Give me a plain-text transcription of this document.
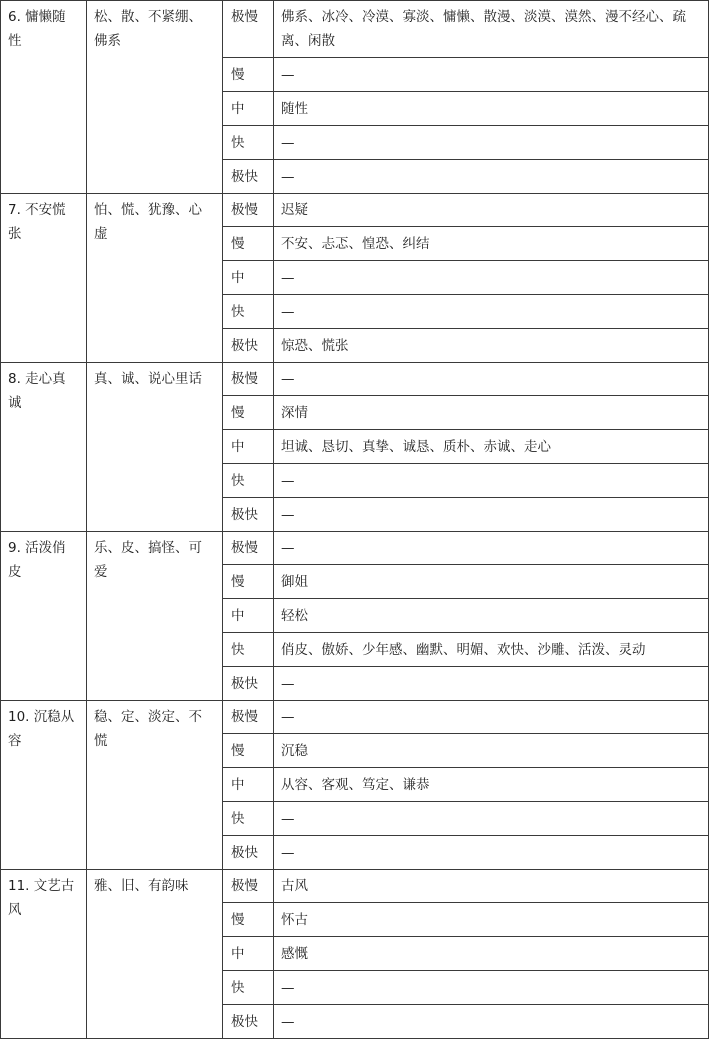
6. 慵懒随性	松、散、不紧绷、佛系	极慢	佛系、冰冷、冷漠、寡淡、慵懒、散漫、淡漠、漠然、漫不经心、疏离、闲散
		慢	—
		中	随性
		快	—
		极快	—
7. 不安慌张	怕、慌、犹豫、心虚	极慢	迟疑
		慢	不安、忐忑、惶恐、纠结
		中	—
		快	—
		极快	惊恐、慌张
8. 走心真诚	真、诚、说心里话	极慢	—
		慢	深情
		中	坦诚、恳切、真挚、诚恳、质朴、赤诚、走心
		快	—
		极快	—
9. 活泼俏皮	乐、皮、搞怪、可爱	极慢	—
		慢	御姐
		中	轻松
		快	俏皮、傲娇、少年感、幽默、明媚、欢快、沙雕、活泼、灵动
		极快	—
10. 沉稳从容	稳、定、淡定、不慌	极慢	—
		慢	沉稳
		中	从容、客观、笃定、谦恭
		快	—
		极快	—
11. 文艺古风	雅、旧、有韵味	极慢	古风
		慢	怀古
		中	感慨
		快	—
		极快	—
